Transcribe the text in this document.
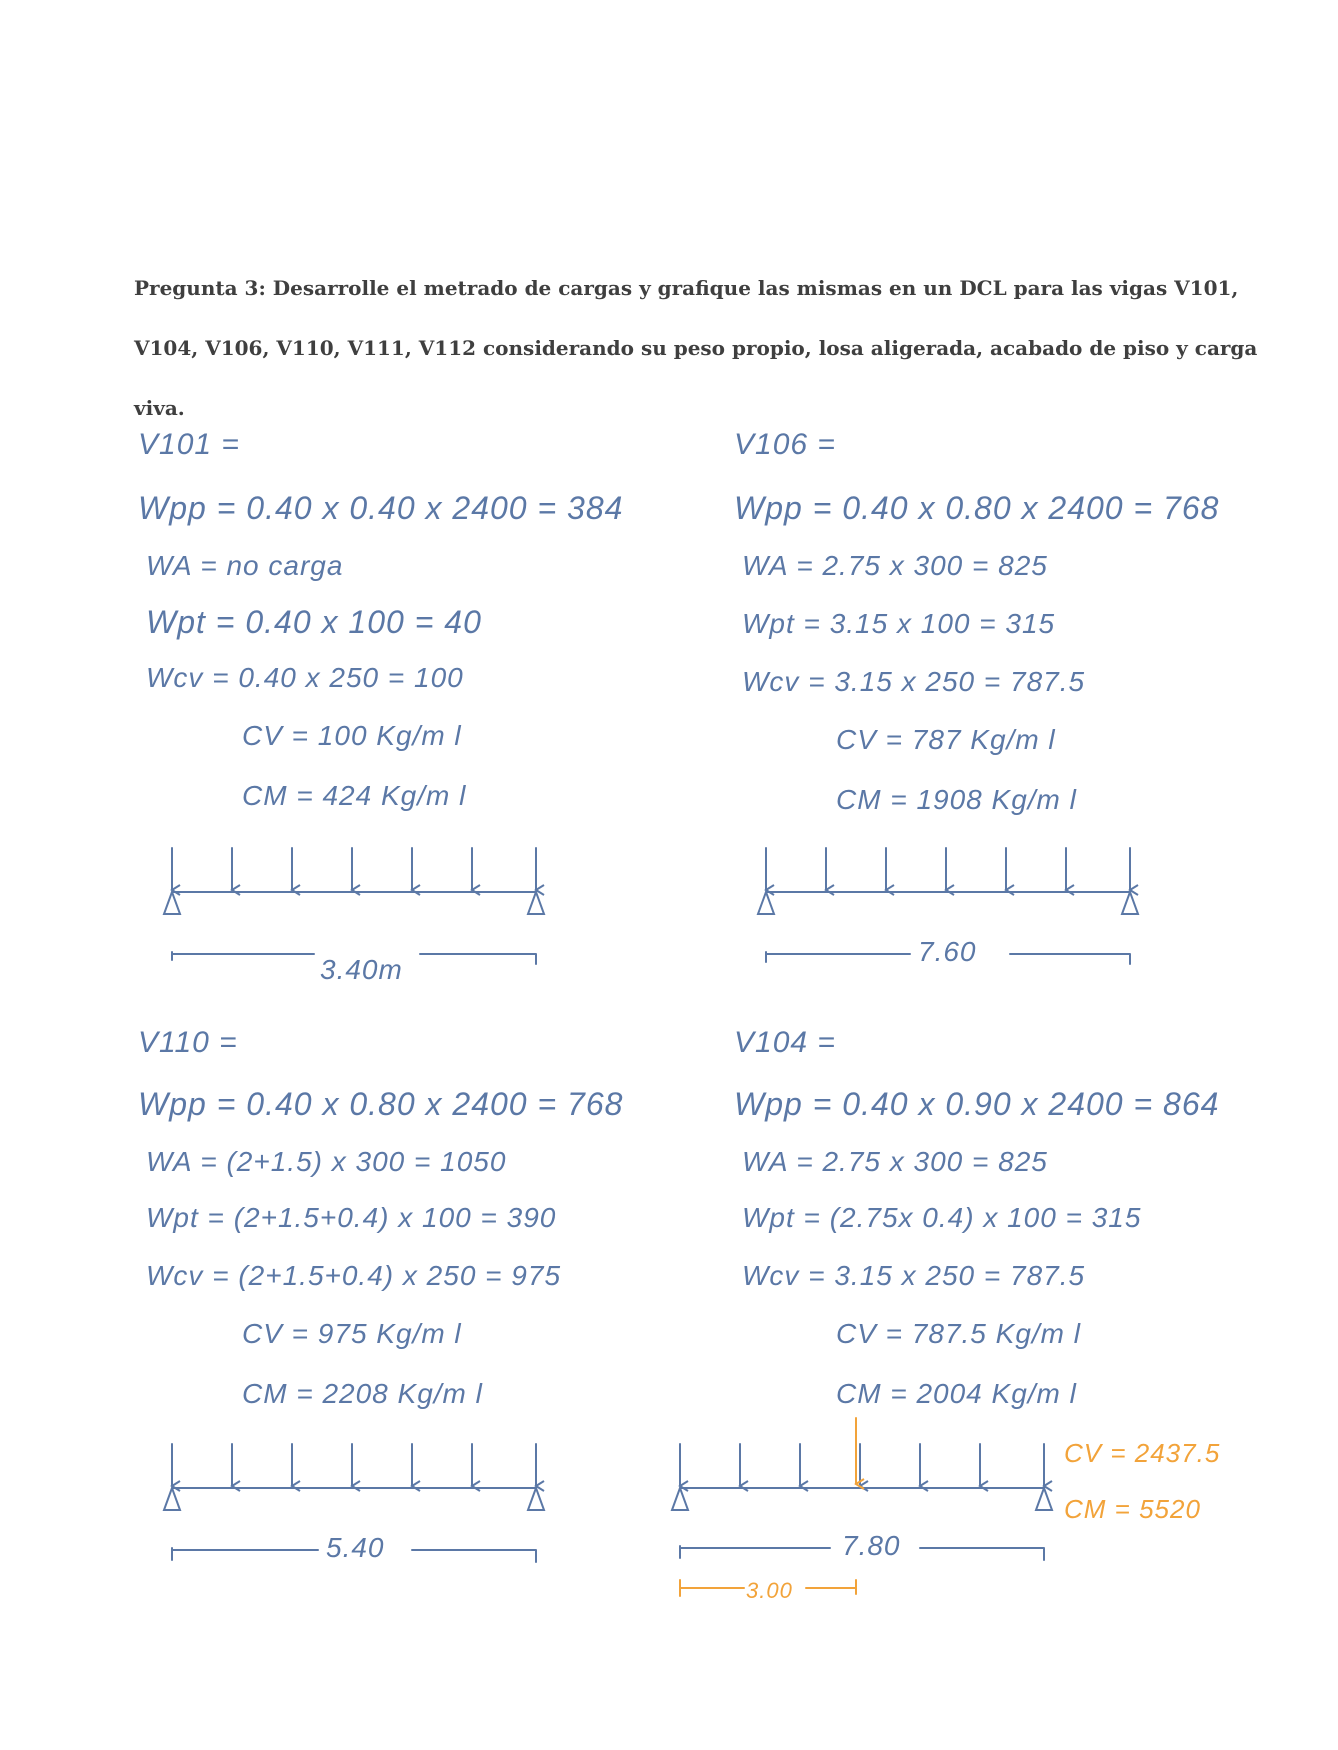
Pregunta 3: Desarrolle el metrado de cargas y grafique las mismas en un DCL para las vigas V101,
V104, V106, V110, V111, V112 considerando su peso propio, losa aligerada, acabado de piso y carga
viva.
V101 =
Wpp = 0.40 x 0.40 x 2400 = 384
WA = no carga
Wpt = 0.40 x 100 = 40
Wcv = 0.40 x 250 = 100
CV = 100 Kg/m l
CM = 424 Kg/m l
3.40m
V106 =
Wpp = 0.40 x 0.80 x 2400 = 768
WA = 2.75 x 300 = 825
Wpt = 3.15 x 100 = 315
Wcv = 3.15 x 250 = 787.5
CV = 787 Kg/m l
CM = 1908 Kg/m l
7.60
V110 =
Wpp = 0.40 x 0.80 x 2400 = 768
WA = (2+1.5) x 300 = 1050
Wpt = (2+1.5+0.4) x 100 = 390
Wcv = (2+1.5+0.4) x 250 = 975
CV = 975 Kg/m l
CM = 2208 Kg/m l
5.40
V104 =
Wpp = 0.40 x 0.90 x 2400 = 864
WA = 2.75 x 300 = 825
Wpt = (2.75x 0.4) x 100 = 315
Wcv = 3.15 x 250 = 787.5
CV = 787.5 Kg/m l
CM = 2004 Kg/m l
7.80
CV = 2437.5
CM = 5520
3.00
